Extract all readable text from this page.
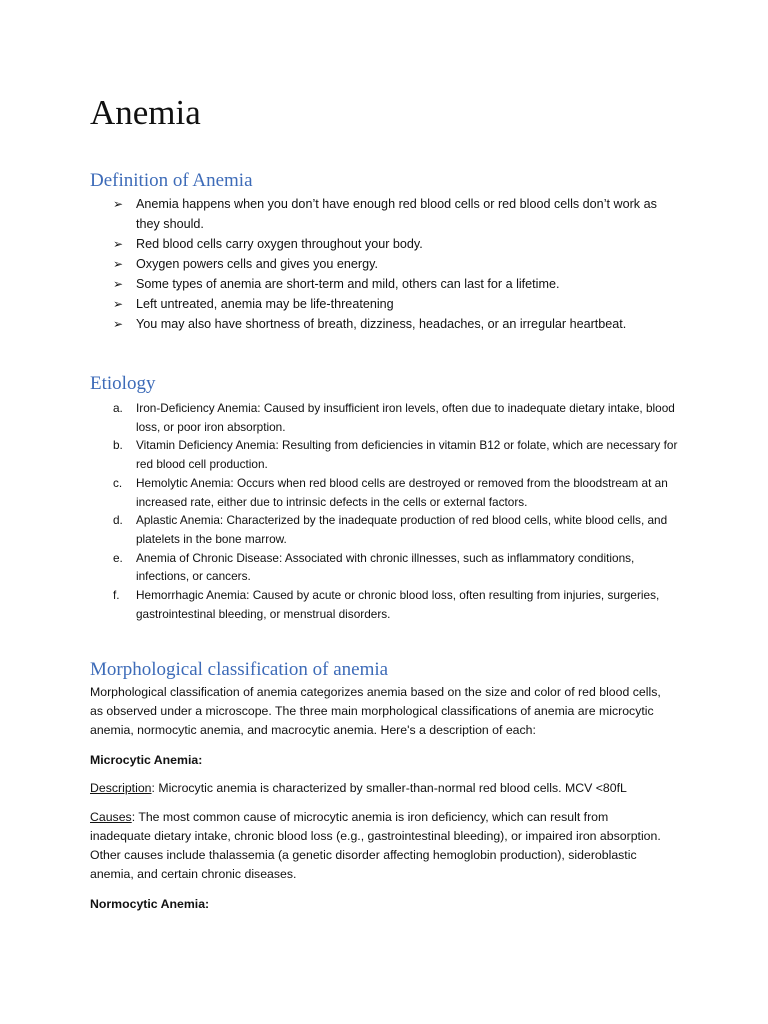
Anemia
Definition of Anemia
➢ Anemia happens when you don’t have enough red blood cells or red blood cells don’t work as they should.
➢ Red blood cells carry oxygen throughout your body.
➢ Oxygen powers cells and gives you energy.
➢ Some types of anemia are short-term and mild, others can last for a lifetime.
➢ Left untreated, anemia may be life-threatening
➢ You may also have shortness of breath, dizziness, headaches, or an irregular heartbeat.
Etiology
a. Iron-Deficiency Anemia: Caused by insufficient iron levels, often due to inadequate dietary intake, blood loss, or poor iron absorption.
b. Vitamin Deficiency Anemia: Resulting from deficiencies in vitamin B12 or folate, which are necessary for red blood cell production.
c. Hemolytic Anemia: Occurs when red blood cells are destroyed or removed from the bloodstream at an increased rate, either due to intrinsic defects in the cells or external factors.
d. Aplastic Anemia: Characterized by the inadequate production of red blood cells, white blood cells, and platelets in the bone marrow.
e. Anemia of Chronic Disease: Associated with chronic illnesses, such as inflammatory conditions, infections, or cancers.
f. Hemorrhagic Anemia: Caused by acute or chronic blood loss, often resulting from injuries, surgeries, gastrointestinal bleeding, or menstrual disorders.
Morphological classification of anemia

Morphological classification of anemia categorizes anemia based on the size and color of red blood cells, as observed under a microscope. The three main morphological classifications of anemia are microcytic anemia, normocytic anemia, and macrocytic anemia. Here's a description of each:

Microcytic Anemia:

Description: Microcytic anemia is characterized by smaller-than-normal red blood cells. MCV <80fL

Causes: The most common cause of microcytic anemia is iron deficiency, which can result from inadequate dietary intake, chronic blood loss (e.g., gastrointestinal bleeding), or impaired iron absorption. Other causes include thalassemia (a genetic disorder affecting hemoglobin production), sideroblastic anemia, and certain chronic diseases.

Normocytic Anemia:
